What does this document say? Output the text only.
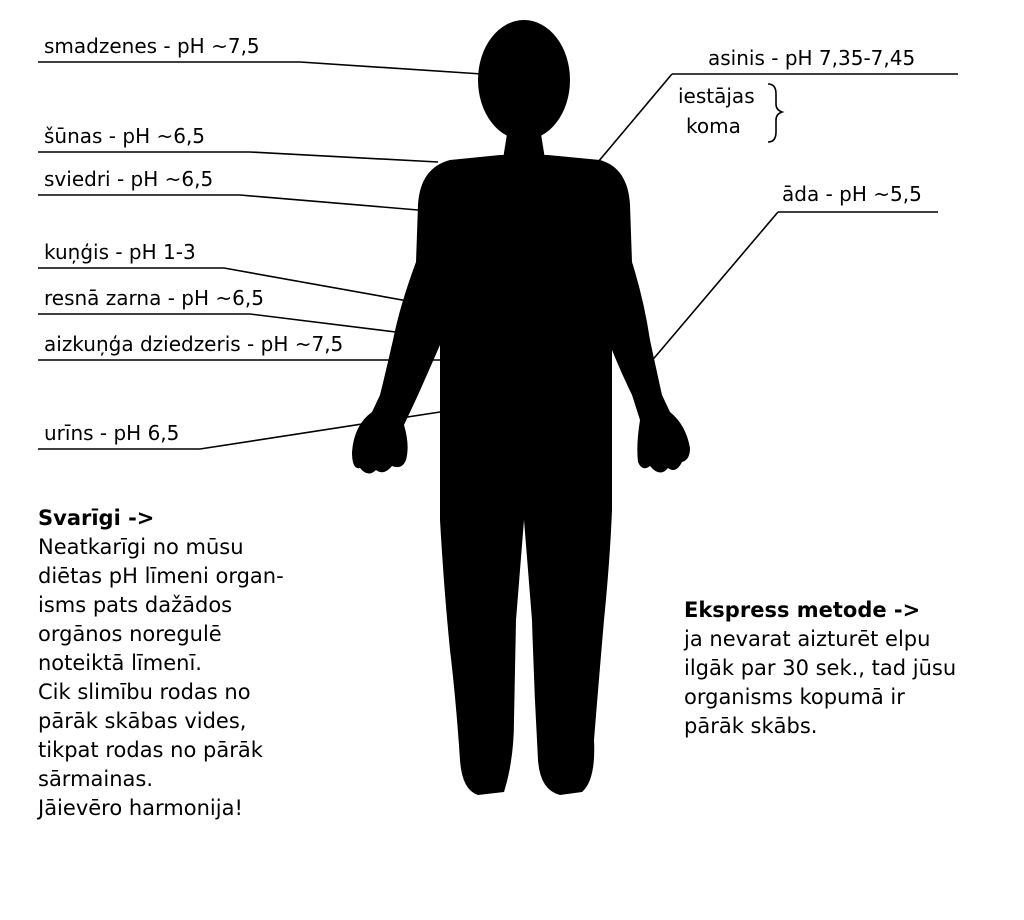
smadzenes - pH ~7,5
šūnas - pH ~6,5
sviedri - pH ~6,5
kuņģis - pH 1-3
resnā zarna - pH ~6,5
aizkuņģa dziedzeris - pH ~7,5
urīns - pH 6,5
asinis - pH 7,35-7,45
iestājas
koma
āda - pH ~5,5
Svarīgi ->
Neatkarīgi no mūsu
diētas pH līmeni organ-
isms pats dažādos
orgānos noregulē
noteiktā līmenī.
Cik slimību rodas no
pārāk skābas vides,
tikpat rodas no pārāk
sārmainas.
Jāievēro harmonija!
Ekspress metode ->
ja nevarat aizturēt elpu
ilgāk par 30 sek., tad jūsu
organisms kopumā ir
pārāk skābs.
